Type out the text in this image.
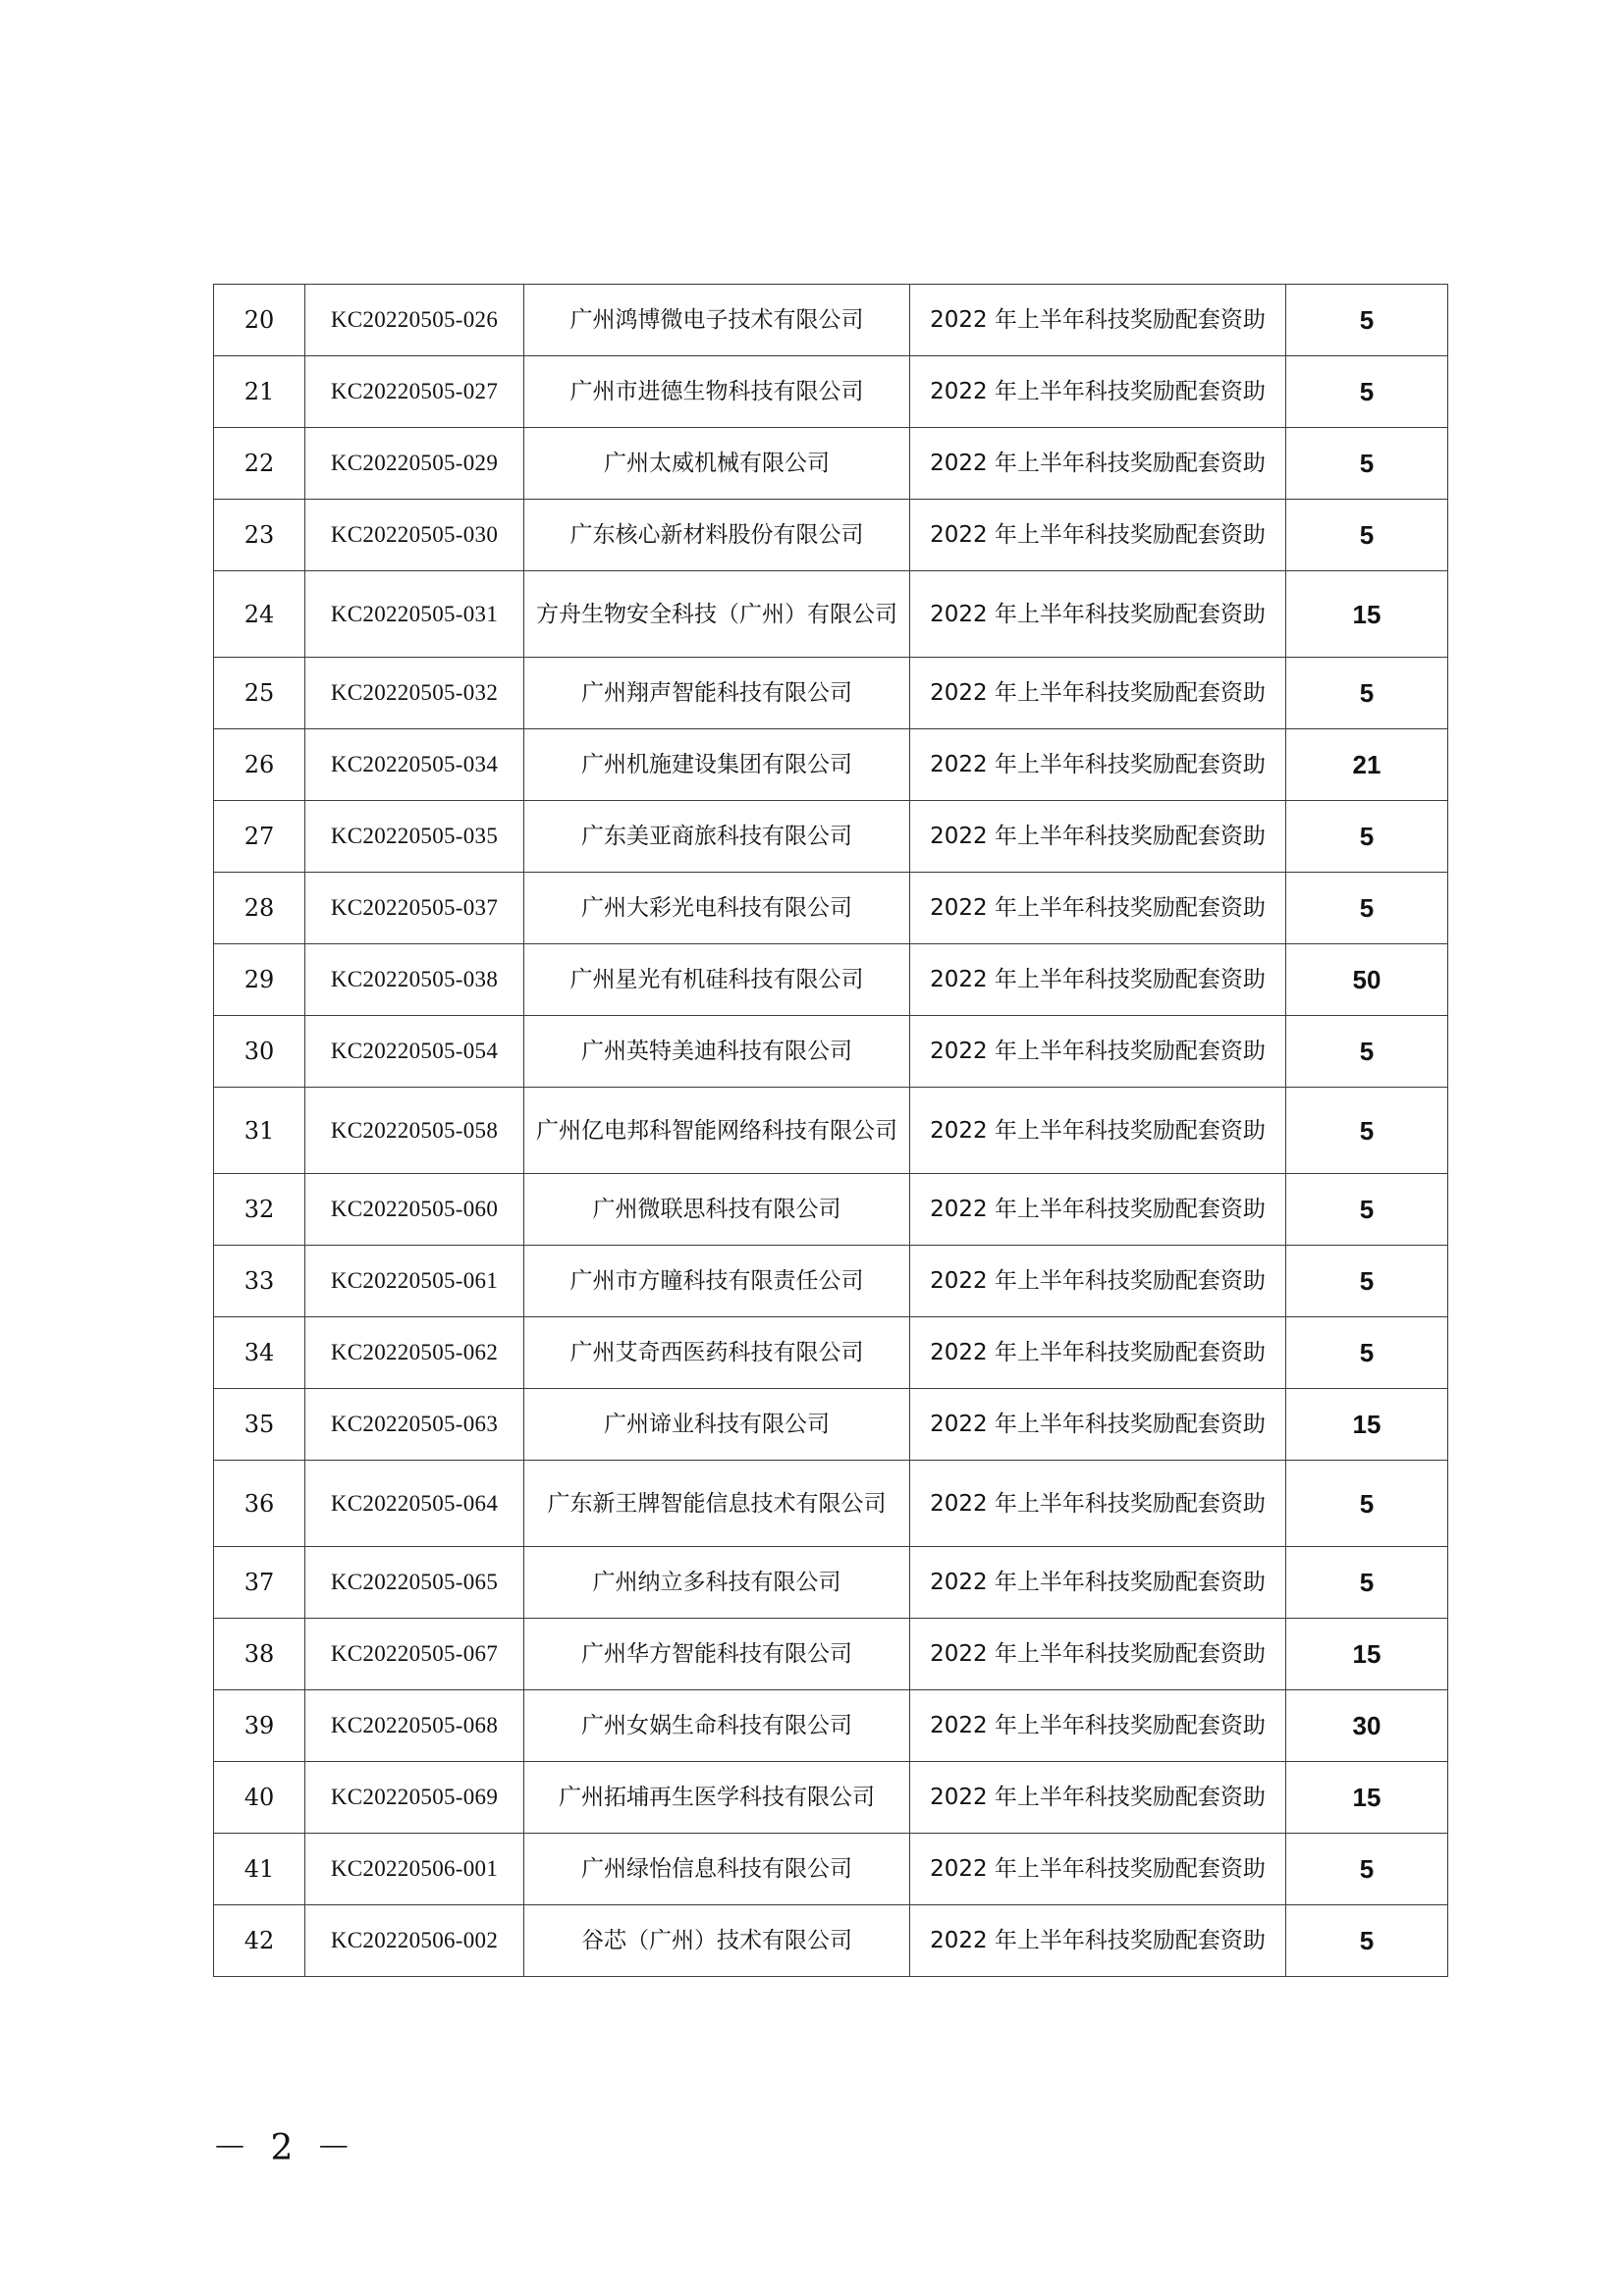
20	KC20220505-026	广州鸿博微电子技术有限公司	2022 年上半年科技奖励配套资助	5
21	KC20220505-027	广州市进德生物科技有限公司	2022 年上半年科技奖励配套资助	5
22	KC20220505-029	广州太威机械有限公司	2022 年上半年科技奖励配套资助	5
23	KC20220505-030	广东核心新材料股份有限公司	2022 年上半年科技奖励配套资助	5
24	KC20220505-031	方舟生物安全科技（广州）有限公司	2022 年上半年科技奖励配套资助	15
25	KC20220505-032	广州翔声智能科技有限公司	2022 年上半年科技奖励配套资助	5
26	KC20220505-034	广州机施建设集团有限公司	2022 年上半年科技奖励配套资助	21
27	KC20220505-035	广东美亚商旅科技有限公司	2022 年上半年科技奖励配套资助	5
28	KC20220505-037	广州大彩光电科技有限公司	2022 年上半年科技奖励配套资助	5
29	KC20220505-038	广州星光有机硅科技有限公司	2022 年上半年科技奖励配套资助	50
30	KC20220505-054	广州英特美迪科技有限公司	2022 年上半年科技奖励配套资助	5
31	KC20220505-058	广州亿电邦科智能网络科技有限公司	2022 年上半年科技奖励配套资助	5
32	KC20220505-060	广州微联思科技有限公司	2022 年上半年科技奖励配套资助	5
33	KC20220505-061	广州市方瞳科技有限责任公司	2022 年上半年科技奖励配套资助	5
34	KC20220505-062	广州艾奇西医药科技有限公司	2022 年上半年科技奖励配套资助	5
35	KC20220505-063	广州谛业科技有限公司	2022 年上半年科技奖励配套资助	15
36	KC20220505-064	广东新王牌智能信息技术有限公司	2022 年上半年科技奖励配套资助	5
37	KC20220505-065	广州纳立多科技有限公司	2022 年上半年科技奖励配套资助	5
38	KC20220505-067	广州华方智能科技有限公司	2022 年上半年科技奖励配套资助	15
39	KC20220505-068	广州女娲生命科技有限公司	2022 年上半年科技奖励配套资助	30
40	KC20220505-069	广州拓埔再生医学科技有限公司	2022 年上半年科技奖励配套资助	15
41	KC20220506-001	广州绿怡信息科技有限公司	2022 年上半年科技奖励配套资助	5
42	KC20220506-002	谷芯（广州）技术有限公司	2022 年上半年科技奖励配套资助	5
－ 2 －
